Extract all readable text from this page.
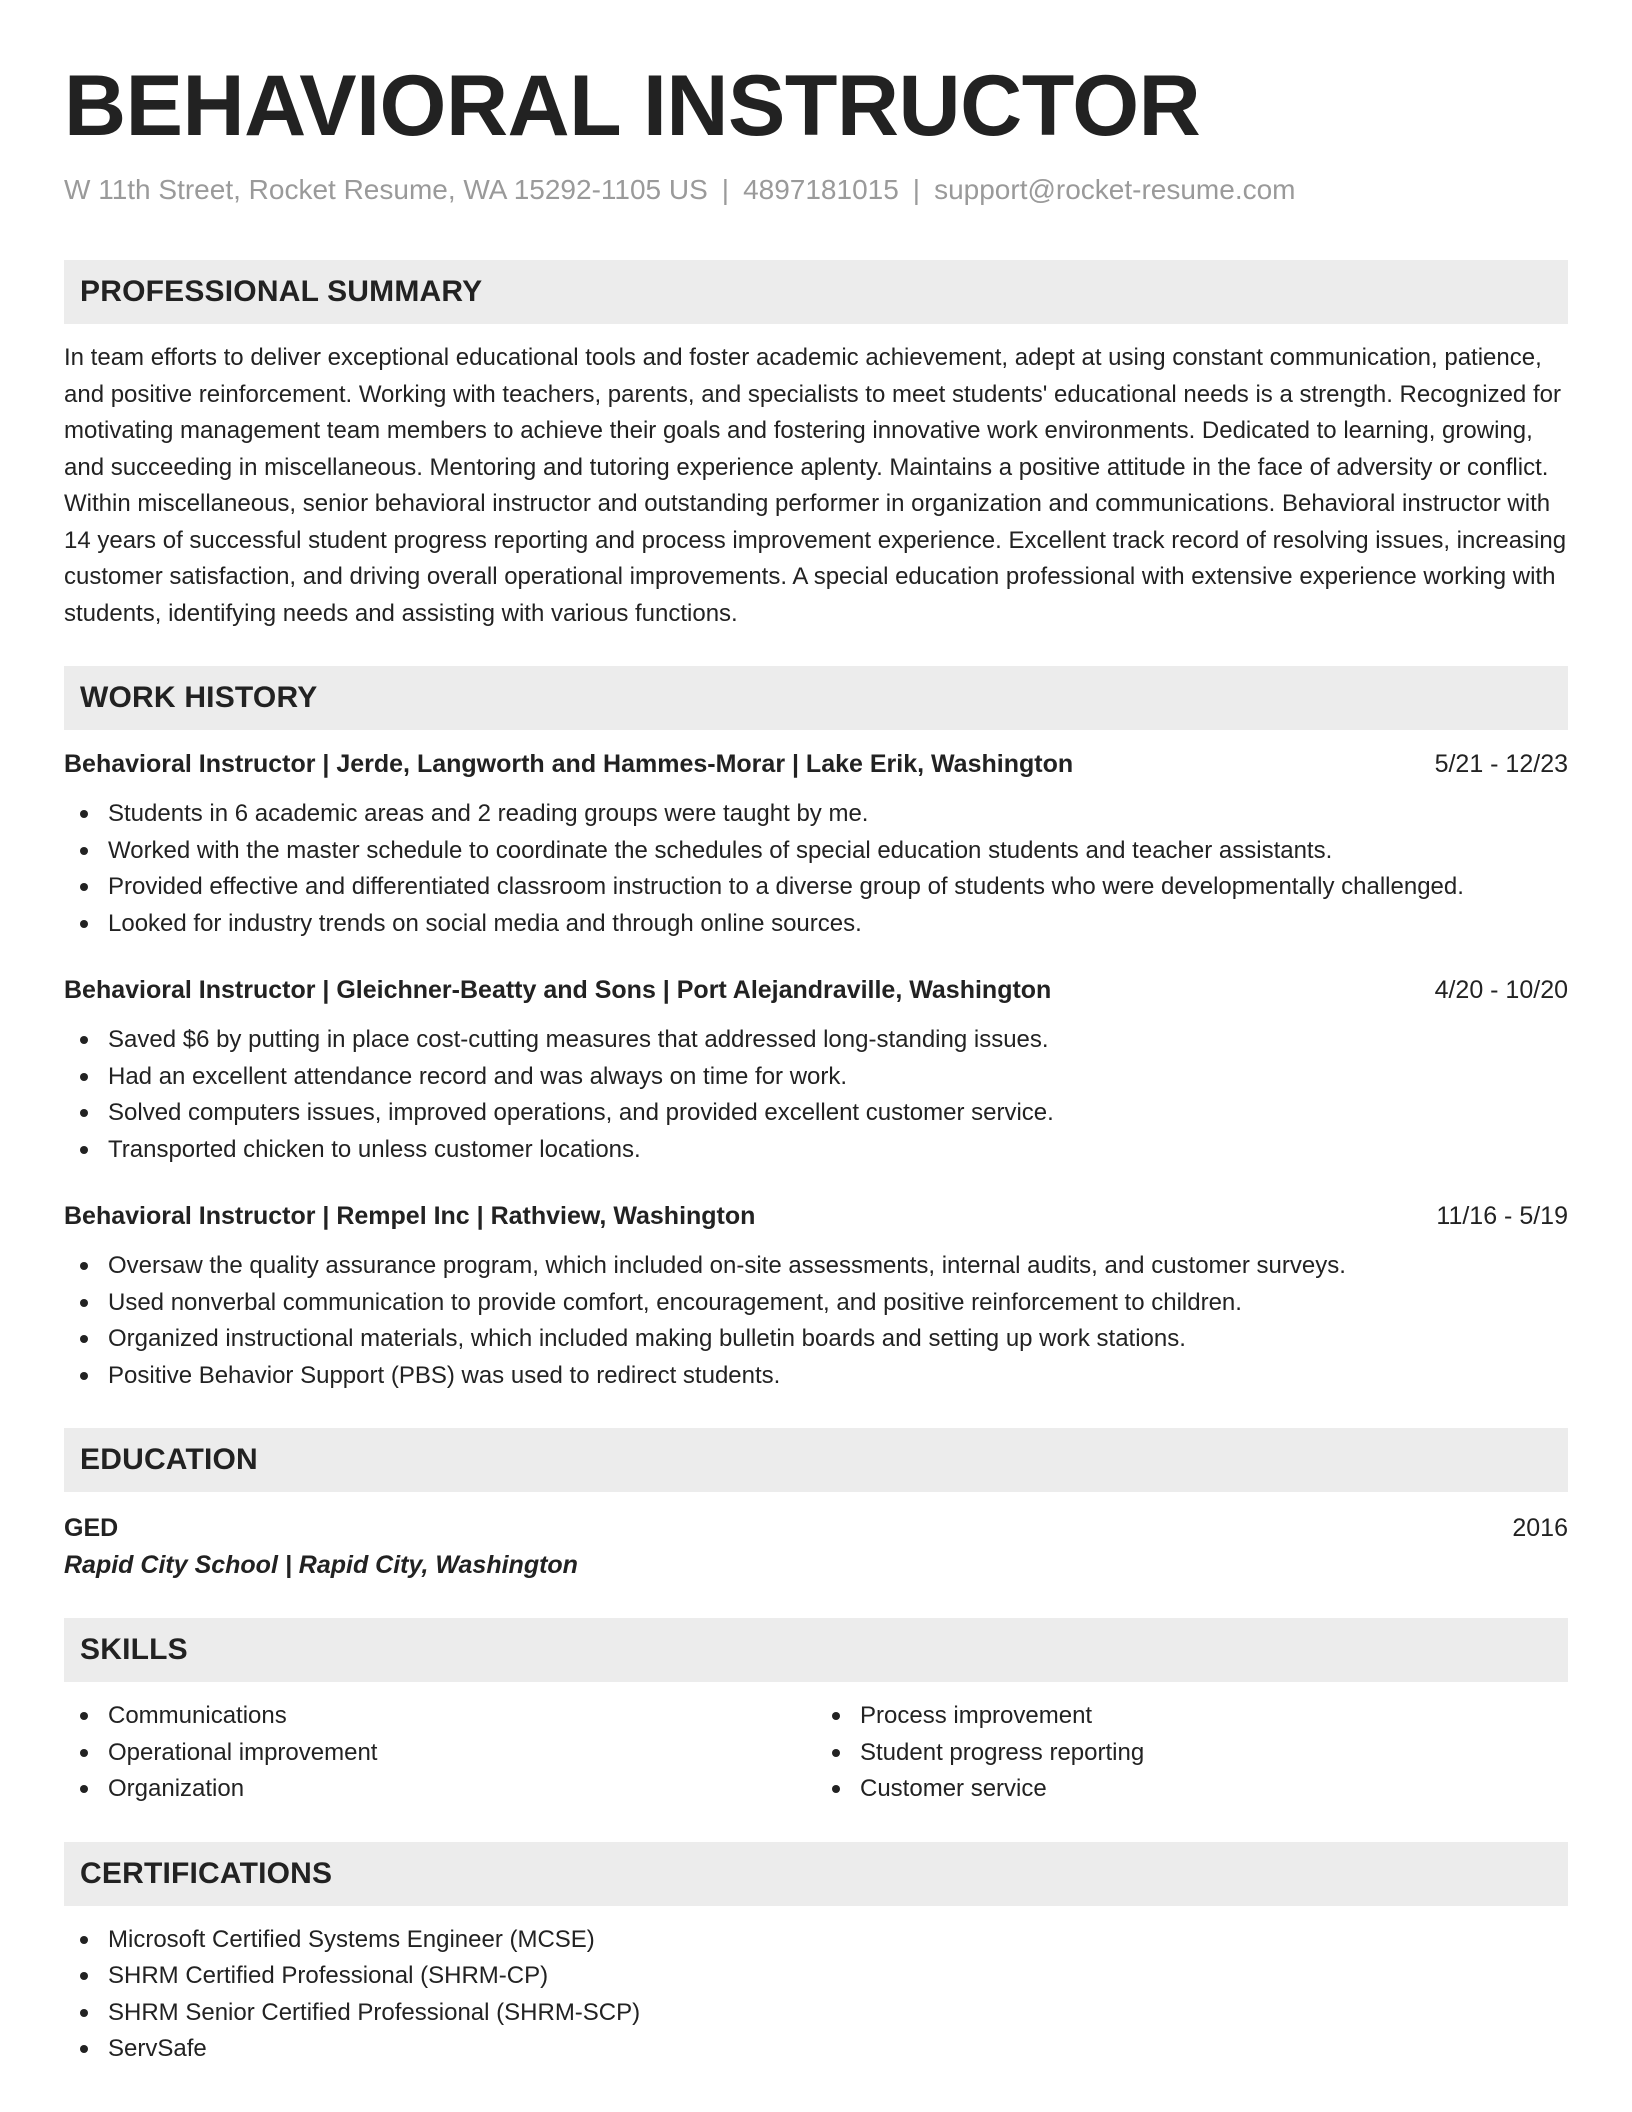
BEHAVIORAL INSTRUCTOR
W 11th Street, Rocket Resume, WA 15292-1105 US | 4897181015 | support@rocket-resume.com
PROFESSIONAL SUMMARY
In team efforts to deliver exceptional educational tools and foster academic achievement, adept at using constant communication, patience, and positive reinforcement. Working with teachers, parents, and specialists to meet students' educational needs is a strength. Recognized for motivating management team members to achieve their goals and fostering innovative work environments. Dedicated to learning, growing, and succeeding in miscellaneous. Mentoring and tutoring experience aplenty. Maintains a positive attitude in the face of adversity or conflict. Within miscellaneous, senior behavioral instructor and outstanding performer in organization and communications. Behavioral instructor with 14 years of successful student progress reporting and process improvement experience. Excellent track record of resolving issues, increasing customer satisfaction, and driving overall operational improvements. A special education professional with extensive experience working with students, identifying needs and assisting with various functions.
WORK HISTORY
Behavioral Instructor | Jerde, Langworth and Hammes-Morar | Lake Erik, Washington	5/21 - 12/23
Students in 6 academic areas and 2 reading groups were taught by me.
Worked with the master schedule to coordinate the schedules of special education students and teacher assistants.
Provided effective and differentiated classroom instruction to a diverse group of students who were developmentally challenged.
Looked for industry trends on social media and through online sources.
Behavioral Instructor | Gleichner-Beatty and Sons | Port Alejandraville, Washington	4/20 - 10/20
Saved $6 by putting in place cost-cutting measures that addressed long-standing issues.
Had an excellent attendance record and was always on time for work.
Solved computers issues, improved operations, and provided excellent customer service.
Transported chicken to unless customer locations.
Behavioral Instructor | Rempel Inc | Rathview, Washington	11/16 - 5/19
Oversaw the quality assurance program, which included on-site assessments, internal audits, and customer surveys.
Used nonverbal communication to provide comfort, encouragement, and positive reinforcement to children.
Organized instructional materials, which included making bulletin boards and setting up work stations.
Positive Behavior Support (PBS) was used to redirect students.
EDUCATION
GED	2016
Rapid City School | Rapid City, Washington
SKILLS
Communications
Operational improvement
Organization
Process improvement
Student progress reporting
Customer service
CERTIFICATIONS
Microsoft Certified Systems Engineer (MCSE)
SHRM Certified Professional (SHRM-CP)
SHRM Senior Certified Professional (SHRM-SCP)
ServSafe
